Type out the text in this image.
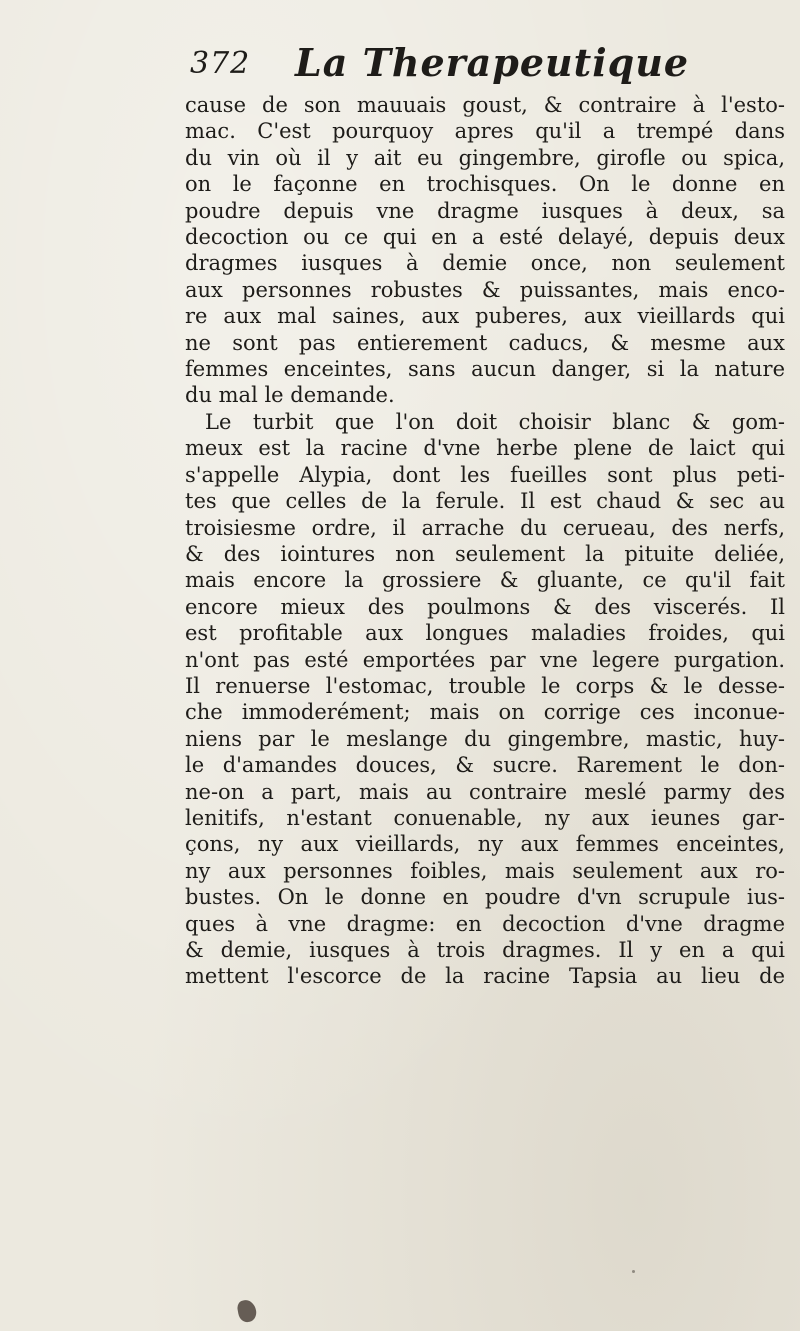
372 La Therapeutique
cause de son mauuais goust, & contraire à l'esto-
mac. C'est pourquoy apres qu'il a trempé dans
du vin où il y ait eu gingembre, girofle ou spica,
on le façonne en trochisques. On le donne en
poudre depuis vne dragme iusques à deux, sa
decoction ou ce qui en a esté delayé, depuis deux
dragmes iusques à demie once, non seulement
aux personnes robustes & puissantes, mais enco-
re aux mal saines, aux puberes, aux vieillards qui
ne sont pas entierement caducs, & mesme aux
femmes enceintes, sans aucun danger, si la nature
du mal le demande.
Le turbit que l'on doit choisir blanc & gom-
meux est la racine d'vne herbe plene de laict qui
s'appelle Alypia, dont les fueilles sont plus peti-
tes que celles de la ferule. Il est chaud & sec au
troisiesme ordre, il arrache du cerueau, des nerfs,
& des iointures non seulement la pituite deliée,
mais encore la grossiere & gluante, ce qu'il fait
encore mieux des poulmons & des viscerés. Il
est profitable aux longues maladies froides, qui
n'ont pas esté emportées par vne legere purgation.
Il renuerse l'estomac, trouble le corps & le desse-
che immoderément; mais on corrige ces inconue-
niens par le meslange du gingembre, mastic, huy-
le d'amandes douces, & sucre. Rarement le don-
ne-on a part, mais au contraire meslé parmy des
lenitifs, n'estant conuenable, ny aux ieunes gar-
çons, ny aux vieillards, ny aux femmes enceintes,
ny aux personnes foibles, mais seulement aux ro-
bustes. On le donne en poudre d'vn scrupule ius-
ques à vne dragme: en decoction d'vne dragme
& demie, iusques à trois dragmes. Il y en a qui
mettent l'escorce de la racine Tapsia au lieu de
